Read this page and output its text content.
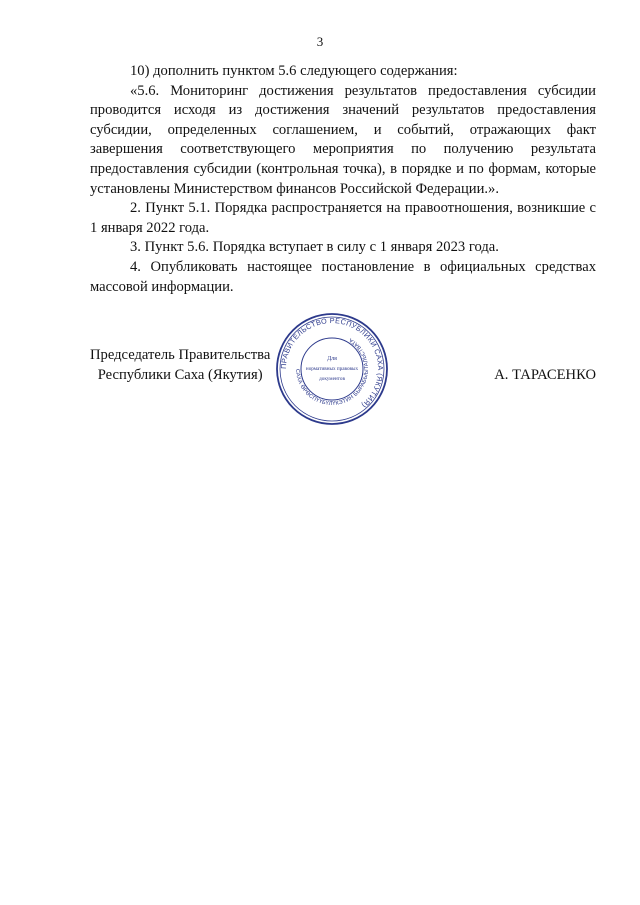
3

10) дополнить пунктом 5.6 следующего содержания:

«5.6. Мониторинг достижения результатов предоставления субсидии проводится исходя из достижения значений результатов предоставления субсидии, определенных соглашением, и событий, отражающих факт завершения соответствующего мероприятия по получению результата предоставления субсидии (контрольная точка), в порядке и по формам, которые установлены Министерством финансов Российской Федерации.».

2. Пункт 5.1. Порядка распространяется на правоотношения, возникшие с 1 января 2022 года.

3. Пункт 5.6. Порядка вступает в силу с 1 января 2023 года.

4. Опубликовать настоящее постановление в официальных средствах массовой информации.

Председатель Правительства
Республики Саха (Якутия)	А. ТАРАСЕНКО
ПРАВИТЕЛЬСТВО РЕСПУБЛИКИ САХА (ЯКУТИЯ)
САХА ӨРӨСПҮҮБҮЛҮКЭТИН БЫРАБЫЫТАЛЬСТВАТА
Для
нормативных правовых
документов
